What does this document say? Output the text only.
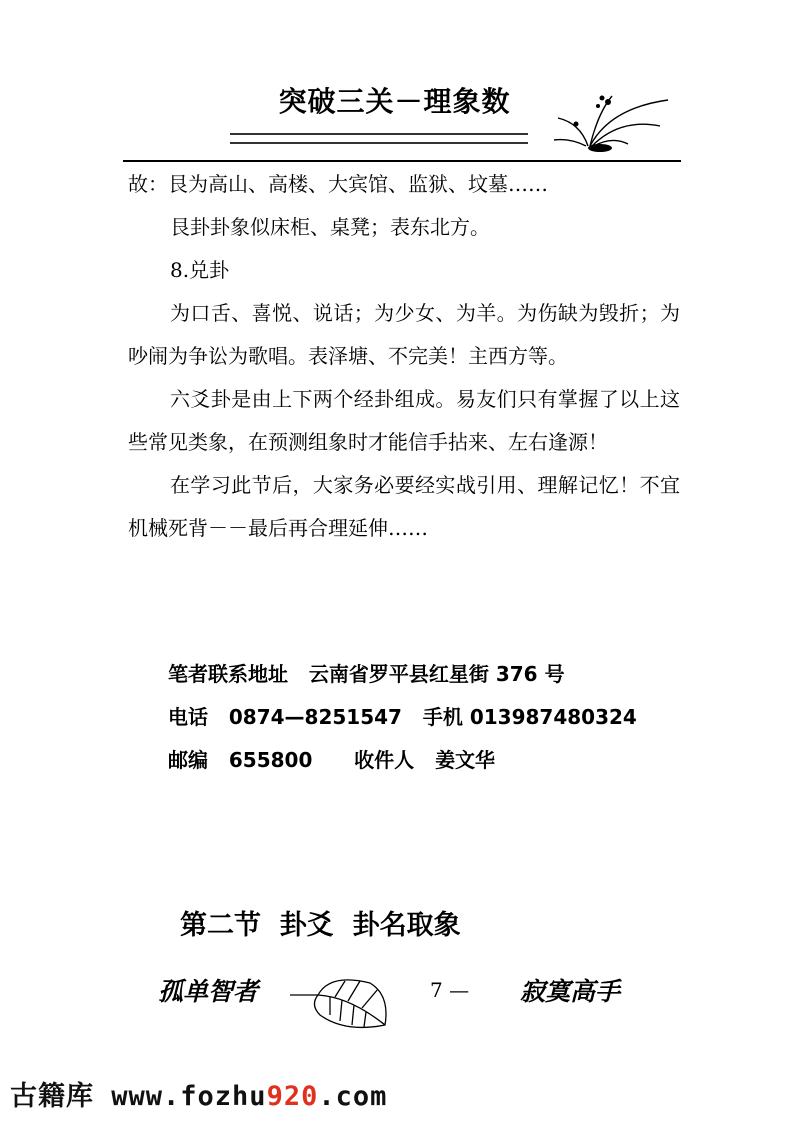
突破三关－理象数

故：艮为高山、高楼、大宾馆、监狱、坟墓……

艮卦卦象似床柜、桌凳；表东北方。

8.兑卦

为口舌、喜悦、说话；为少女、为羊。为伤缺为毁折；为吵闹为争讼为歌唱。表泽塘、不完美！主西方等。

六爻卦是由上下两个经卦组成。易友们只有掌握了以上这些常见类象，在预测组象时才能信手拈来、左右逢源！

在学习此节后，大家务必要经实战引用、理解记忆！不宜机械死背－－最后再合理延伸……

笔者联系地址 云南省罗平县红星街 376 号
电话 0874—8251547 手机 013987480324
邮编 655800 收件人 姜文华
第二节  卦爻  卦名取象
孤单智者	7 — 寂寞高手
古籍库 www.fozhu920.com
